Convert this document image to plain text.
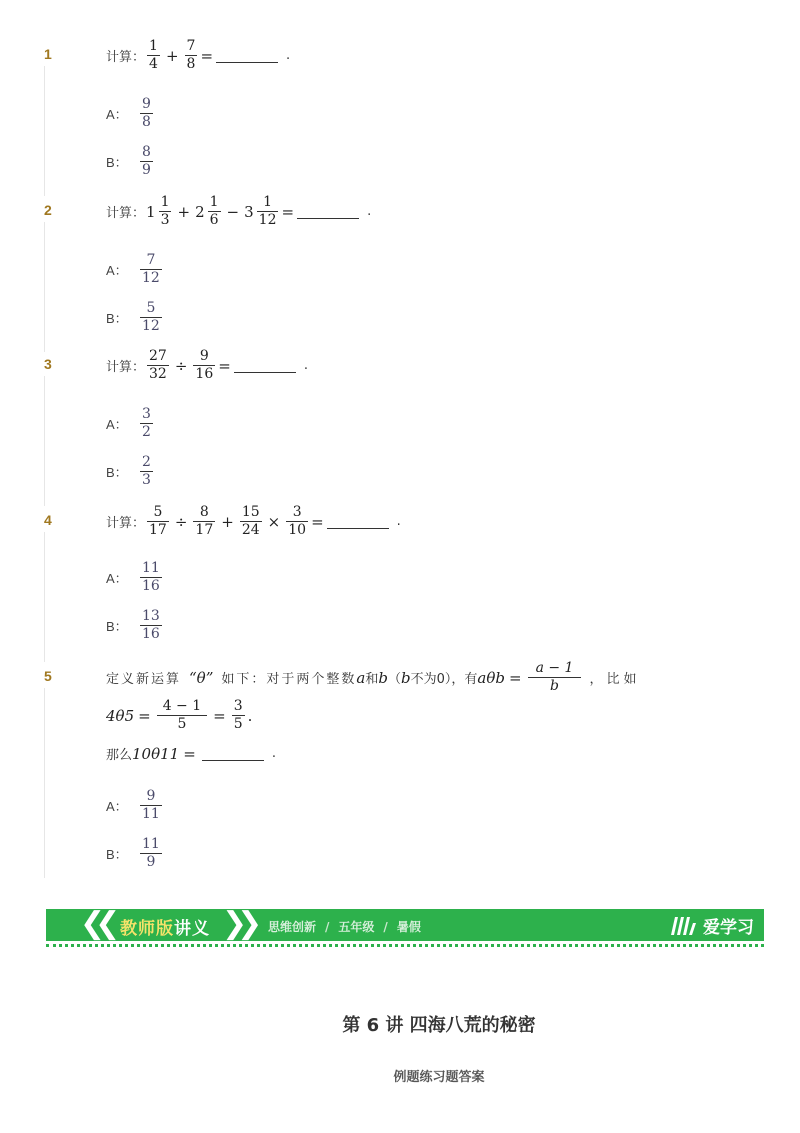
1	计算： $\frac{1}{4} + \frac{7}{8}$ =	.
A： $\frac{9}{8}$
B： $\frac{8}{9}$
2	计算： $1 \frac{1}{3} + 2 \frac{1}{6} - 3 \frac{1}{12}$ =	.
A： $\frac{7}{12}$
B： $\frac{5}{12}$
3	计算： $\frac{27}{32} \div \frac{9}{16}$ =	.
A： $\frac{3}{2}$
B： $\frac{2}{3}$
4	计算： $\frac{5}{17} \div \frac{8}{17} + \frac{15}{24} \times \frac{3}{10}$ =	.
A： $\frac{11}{16}$
B： $\frac{13}{16}$
5	定义新运算 “θ” 如下：对于两个整数 a 和 b （ b 不为0 ），有 $a\theta b = \frac{a - 1}{b}$ ，比如
$4\theta 5 = \frac{4 - 1}{5} = \frac{3}{5}$ .
那么 10θ11 =	.
A： $\frac{9}{11}$
B： $\frac{11}{9}$
❮❮ 教师版讲义 ❯❯ 思维创新 / 五年级 / 暑假	爱学习
第 6 讲 四海八荒的秘密
例题练习题答案
